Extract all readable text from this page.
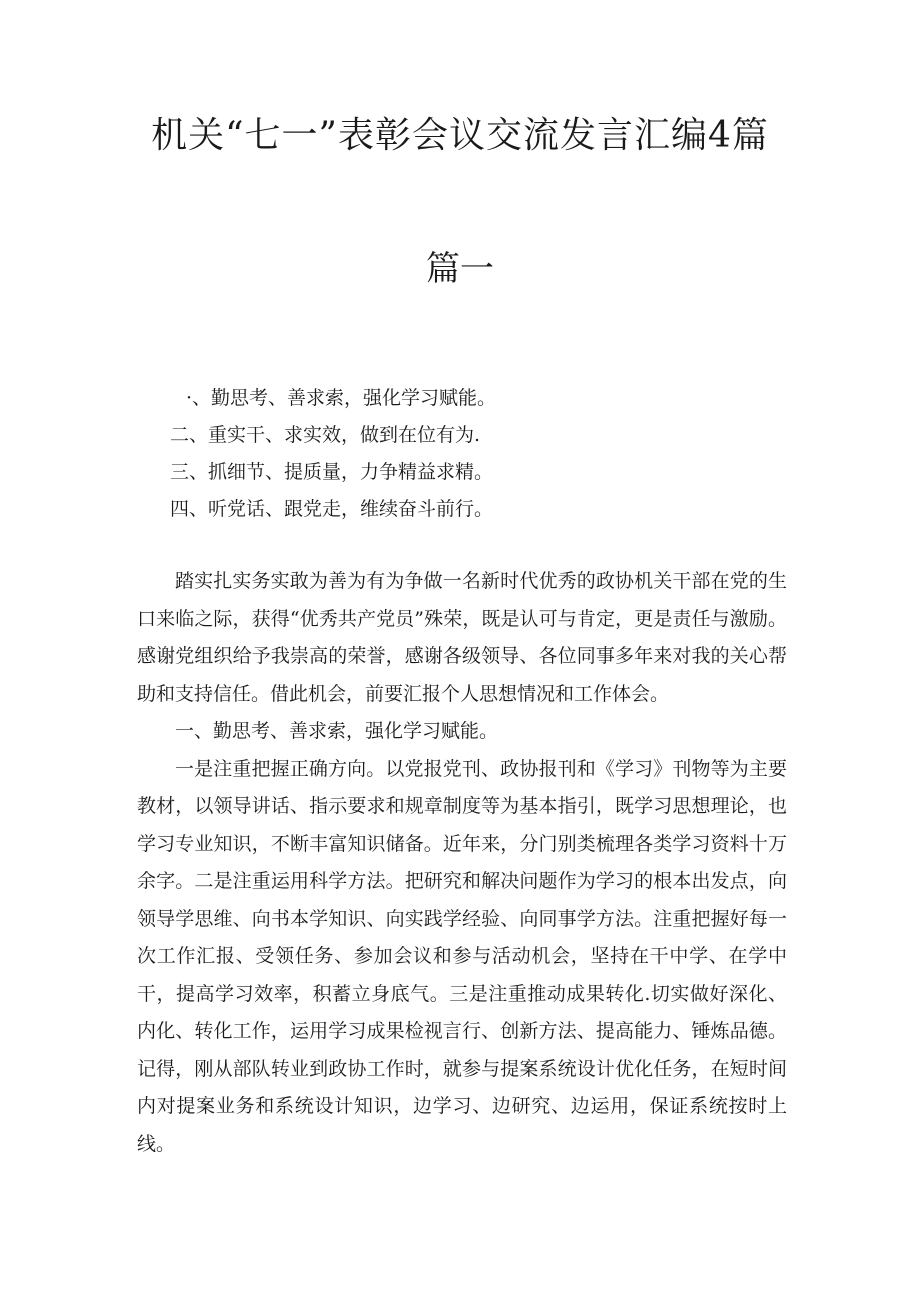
机关“七一”表彰会议交流发言汇编4篇
篇一
·、勤思考、善求索，强化学习赋能。
二、重实干、求实效，做到在位有为.
三、抓细节、提质量，力争精益求精。
四、听党话、跟党走，维续奋斗前行。

踏实扎实务实敢为善为有为争做一名新时代优秀的政协机关干部在党的生口来临之际，获得“优秀共产党员”殊荣，既是认可与肯定，更是责任与激励。感谢党组织给予我崇高的荣誉，感谢各级领导、各位同事多年来对我的关心帮助和支持信任。借此机会，前要汇报个人思想情况和工作体会。

一、勤思考、善求索，强化学习赋能。

一是注重把握正确方向。以党报党刊、政协报刊和《学习》刊物等为主要教材，以领导讲话、指示要求和规章制度等为基本指引，既学习思想理论，也学习专业知识，不断丰富知识储备。近年来，分门别类梳理各类学习资料十万余字。二是注重运用科学方法。把研究和解决问题作为学习的根本出发点，向领导学思维、向书本学知识、向实践学经验、向同事学方法。注重把握好每一次工作汇报、受领任务、参加会议和参与活动机会，坚持在干中学、在学中干，提高学习效率，积蓄立身底气。三是注重推动成果转化.切实做好深化、内化、转化工作，运用学习成果检视言行、创新方法、提高能力、锤炼品德。记得，刚从部队转业到政协工作时，就参与提案系统设计优化任务，在短时间内对提案业务和系统设计知识，边学习、边研究、边运用，保证系统按时上线。
